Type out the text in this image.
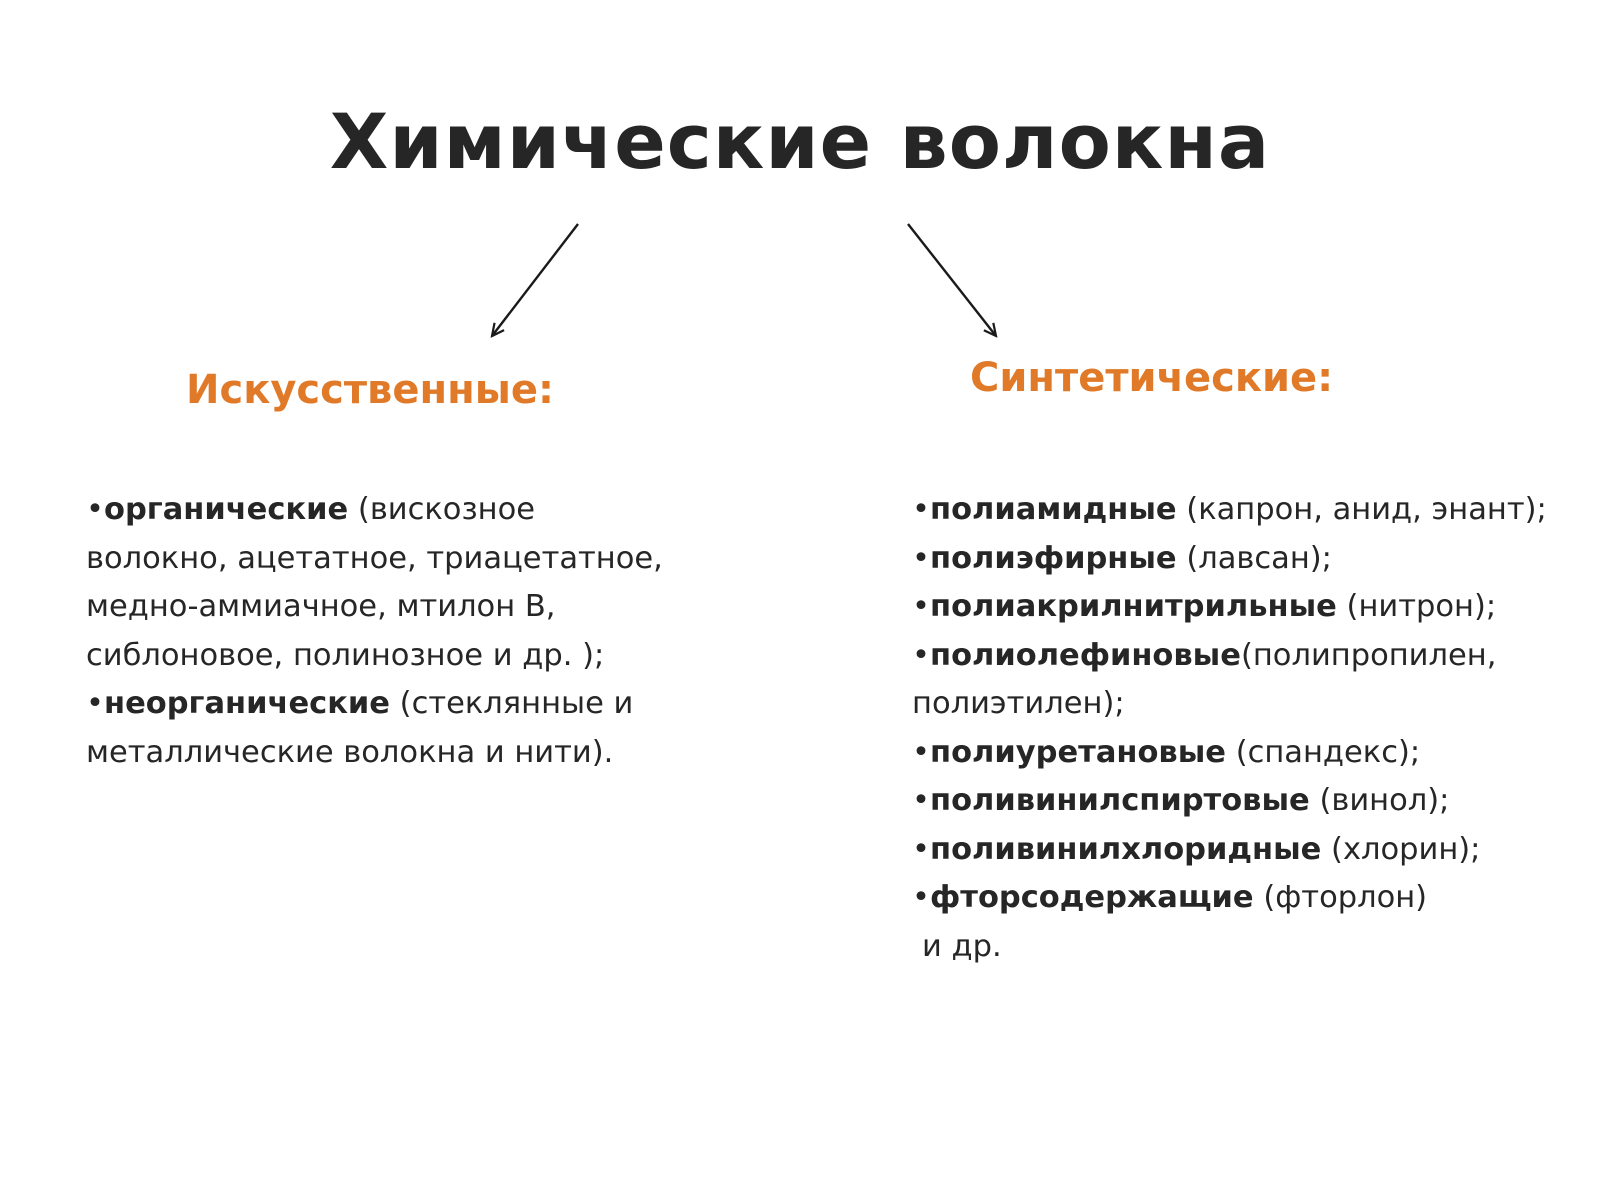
Химические волокна
Искусственные:	Синтетические:
•органические (вискозное волокно, ацетатное, триацетатное, медно-аммиачное, мтилон В, сиблоновое, полинозное и др. );
•неорганические (стеклянные и металлические волокна и нити).
•полиамидные (капрон, анид, энант);
•полиэфирные (лавсан);
•полиакрилнитрильные (нитрон);
•полиолефиновые(полипропилен, полиэтилен);
•полиуретановые (спандекс);
•поливинилспиртовые (винол);
•поливинилхлоридные (хлорин);
•фторсодержащие (фторлон)
и др.
